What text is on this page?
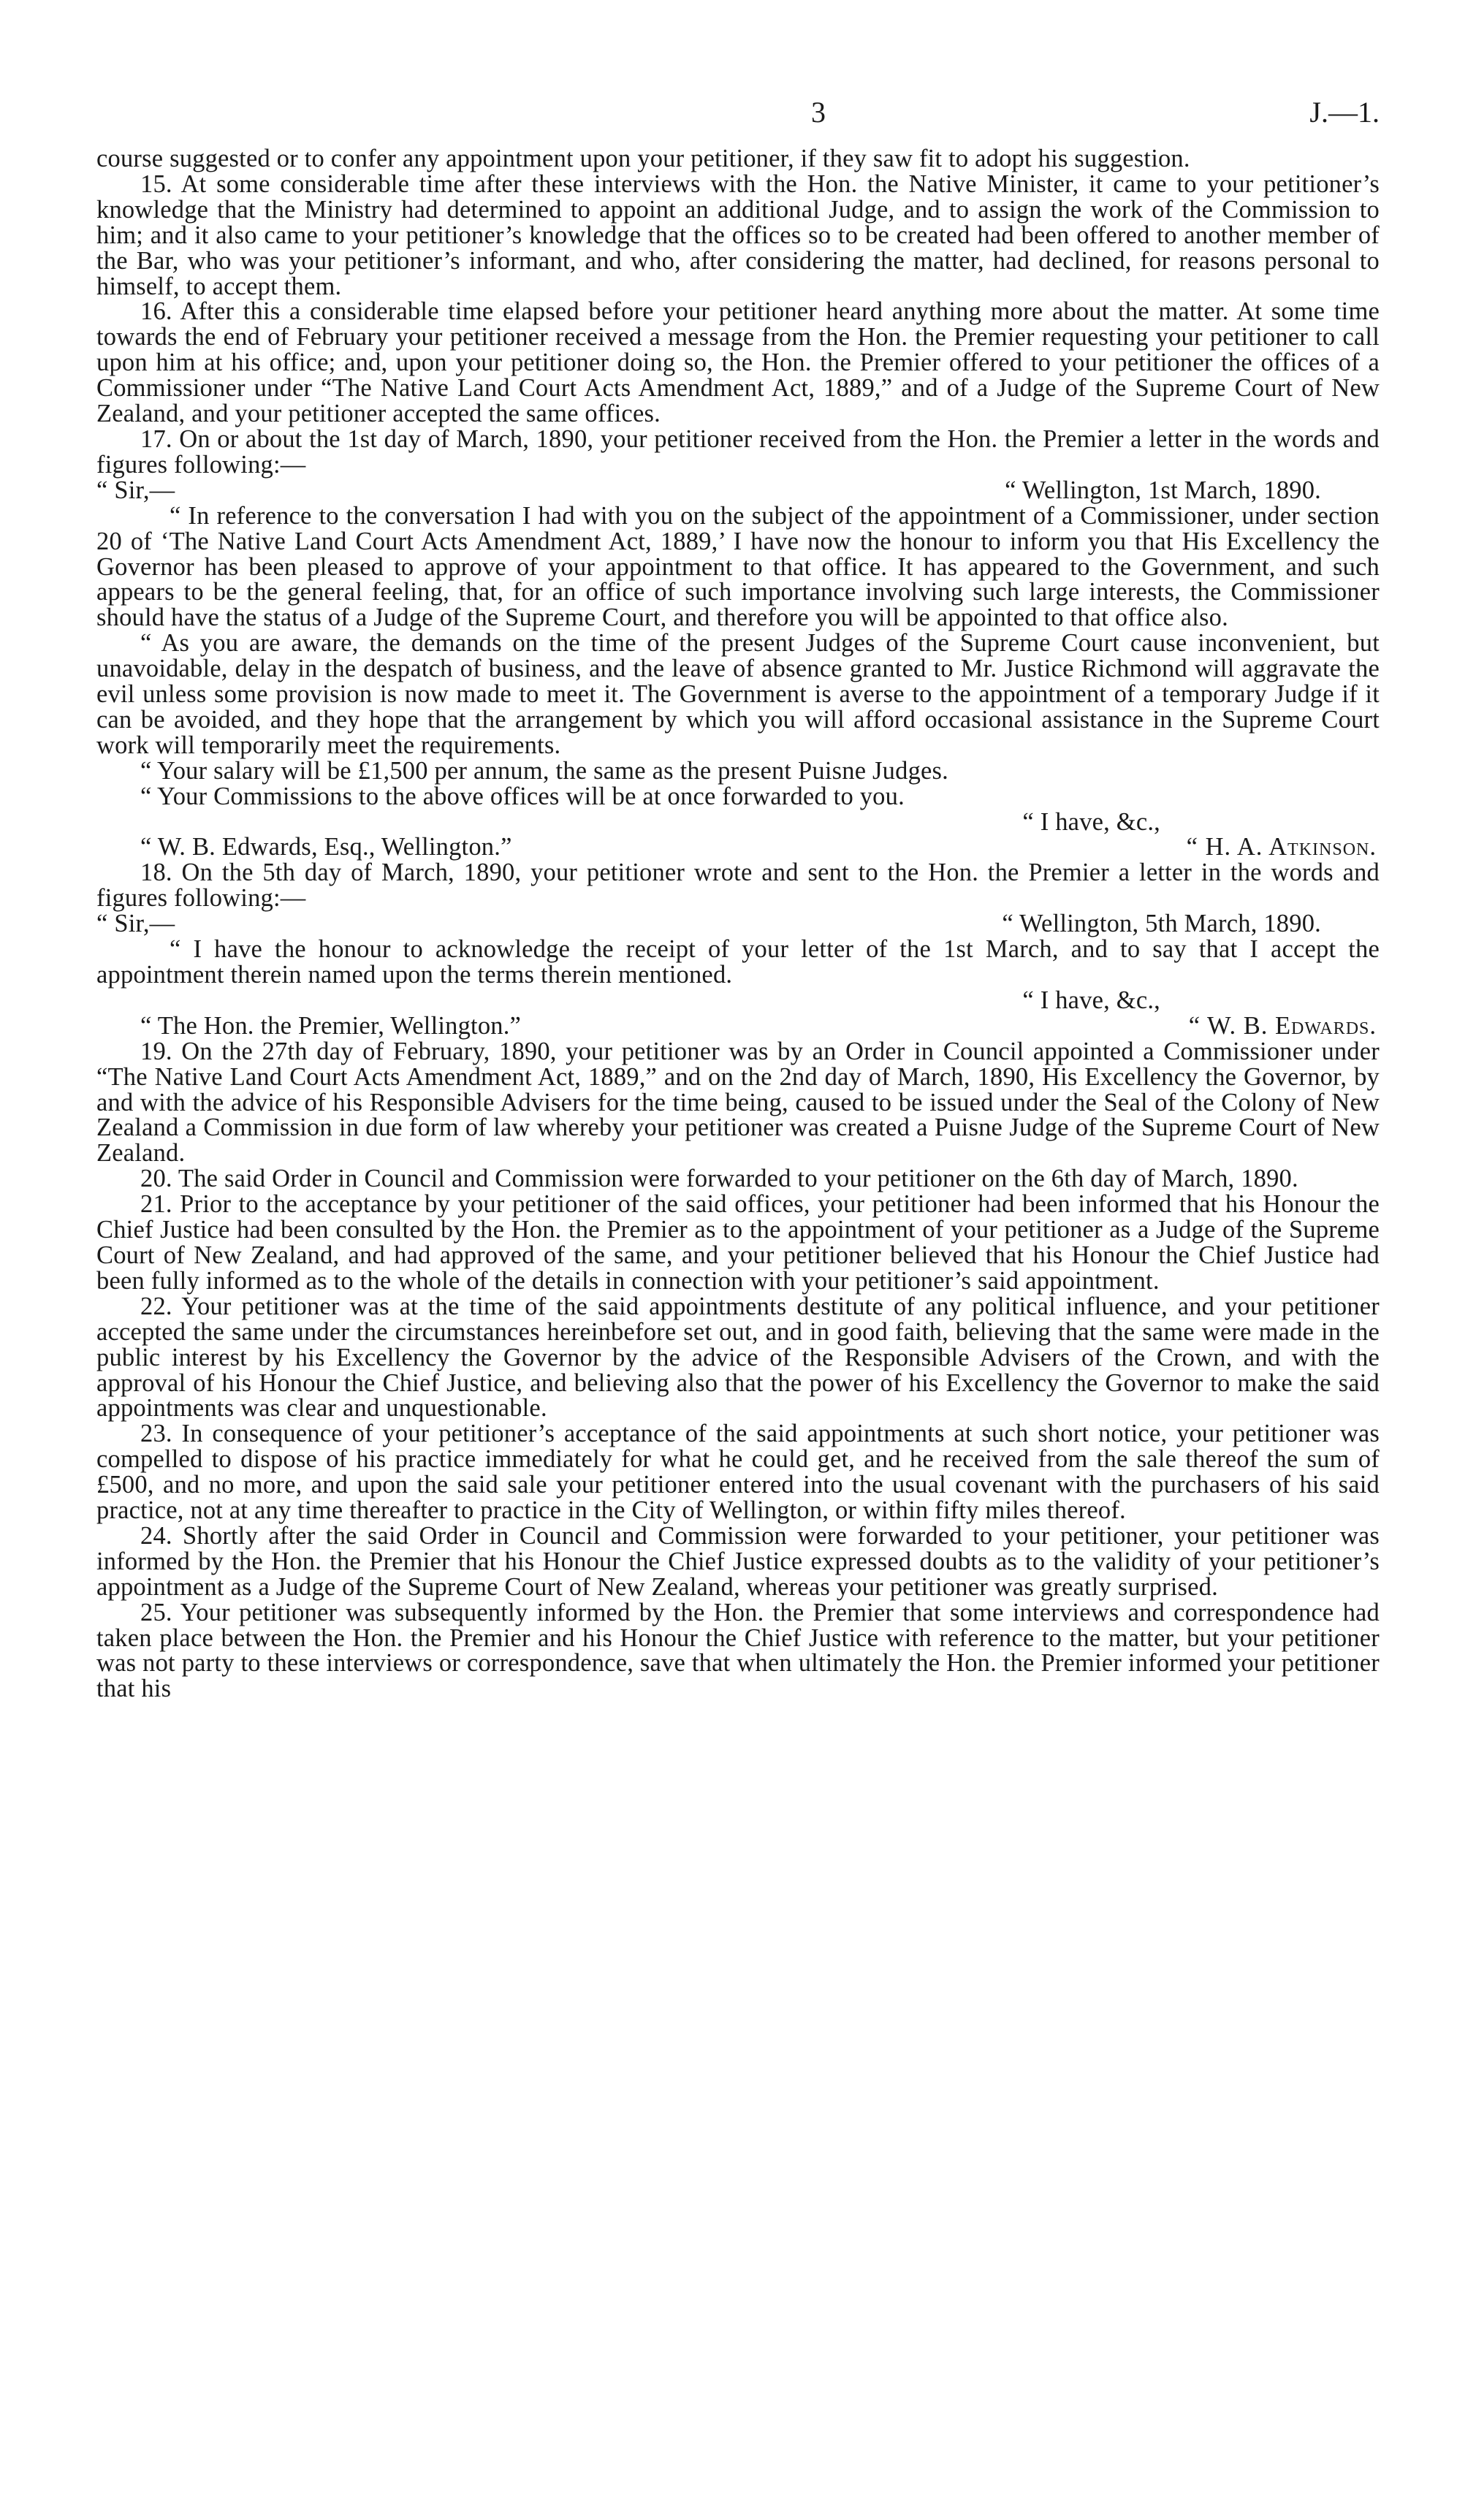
3	J.—1.

course suggested or to confer any appointment upon your petitioner, if they saw fit to adopt his suggestion.

15. At some considerable time after these interviews with the Hon. the Native Minister, it came to your petitioner’s knowledge that the Ministry had determined to appoint an additional Judge, and to assign the work of the Commission to him; and it also came to your petitioner’s knowledge that the offices so to be created had been offered to another member of the Bar, who was your petitioner’s informant, and who, after considering the matter, had declined, for reasons personal to himself, to accept them.

16. After this a considerable time elapsed before your petitioner heard anything more about the matter. At some time towards the end of February your petitioner received a message from the Hon. the Premier requesting your petitioner to call upon him at his office; and, upon your petitioner doing so, the Hon. the Premier offered to your petitioner the offices of a Commissioner under “The Native Land Court Acts Amendment Act, 1889,” and of a Judge of the Supreme Court of New Zealand, and your petitioner accepted the same offices.

17. On or about the 1st day of March, 1890, your petitioner received from the Hon. the Premier a letter in the words and figures following:—

“ Sir,—	“ Wellington, 1st March, 1890.

“ In reference to the conversation I had with you on the subject of the appointment of a Commissioner, under section 20 of ‘The Native Land Court Acts Amendment Act, 1889,’ I have now the honour to inform you that His Excellency the Governor has been pleased to approve of your appointment to that office. It has appeared to the Government, and such appears to be the general feeling, that, for an office of such importance involving such large interests, the Commissioner should have the status of a Judge of the Supreme Court, and therefore you will be appointed to that office also.

“ As you are aware, the demands on the time of the present Judges of the Supreme Court cause inconvenient, but unavoidable, delay in the despatch of business, and the leave of absence granted to Mr. Justice Richmond will aggravate the evil unless some provision is now made to meet it. The Government is averse to the appointment of a temporary Judge if it can be avoided, and they hope that the arrangement by which you will afford occasional assistance in the Supreme Court work will temporarily meet the requirements.

“ Your salary will be £1,500 per annum, the same as the present Puisne Judges.

“ Your Commissions to the above offices will be at once forwarded to you.

“ I have, &c.,

“ W. B. Edwards, Esq., Wellington.”	“ H. A. Atkinson.

18. On the 5th day of March, 1890, your petitioner wrote and sent to the Hon. the Premier a letter in the words and figures following:—

“ Sir,—	“ Wellington, 5th March, 1890.

“ I have the honour to acknowledge the receipt of your letter of the 1st March, and to say that I accept the appointment therein named upon the terms therein mentioned.

“ I have, &c.,

“ The Hon. the Premier, Wellington.”	“ W. B. Edwards.

19. On the 27th day of February, 1890, your petitioner was by an Order in Council appointed a Commissioner under “The Native Land Court Acts Amendment Act, 1889,” and on the 2nd day of March, 1890, His Excellency the Governor, by and with the advice of his Responsible Advisers for the time being, caused to be issued under the Seal of the Colony of New Zealand a Commission in due form of law whereby your petitioner was created a Puisne Judge of the Supreme Court of New Zealand.

20. The said Order in Council and Commission were forwarded to your petitioner on the 6th day of March, 1890.

21. Prior to the acceptance by your petitioner of the said offices, your petitioner had been informed that his Honour the Chief Justice had been consulted by the Hon. the Premier as to the appointment of your petitioner as a Judge of the Supreme Court of New Zealand, and had approved of the same, and your petitioner believed that his Honour the Chief Justice had been fully informed as to the whole of the details in connection with your petitioner’s said appointment.

22. Your petitioner was at the time of the said appointments destitute of any political influence, and your petitioner accepted the same under the circumstances hereinbefore set out, and in good faith, believing that the same were made in the public interest by his Excellency the Governor by the advice of the Responsible Advisers of the Crown, and with the approval of his Honour the Chief Justice, and believing also that the power of his Excellency the Governor to make the said appointments was clear and unquestionable.

23. In consequence of your petitioner’s acceptance of the said appointments at such short notice, your petitioner was compelled to dispose of his practice immediately for what he could get, and he received from the sale thereof the sum of £500, and no more, and upon the said sale your petitioner entered into the usual covenant with the purchasers of his said practice, not at any time thereafter to practice in the City of Wellington, or within fifty miles thereof.

24. Shortly after the said Order in Council and Commission were forwarded to your petitioner, your petitioner was informed by the Hon. the Premier that his Honour the Chief Justice expressed doubts as to the validity of your petitioner’s appointment as a Judge of the Supreme Court of New Zealand, whereas your petitioner was greatly surprised.

25. Your petitioner was subsequently informed by the Hon. the Premier that some interviews and correspondence had taken place between the Hon. the Premier and his Honour the Chief Justice with reference to the matter, but your petitioner was not party to these interviews or correspondence, save that when ultimately the Hon. the Premier informed your petitioner that his
